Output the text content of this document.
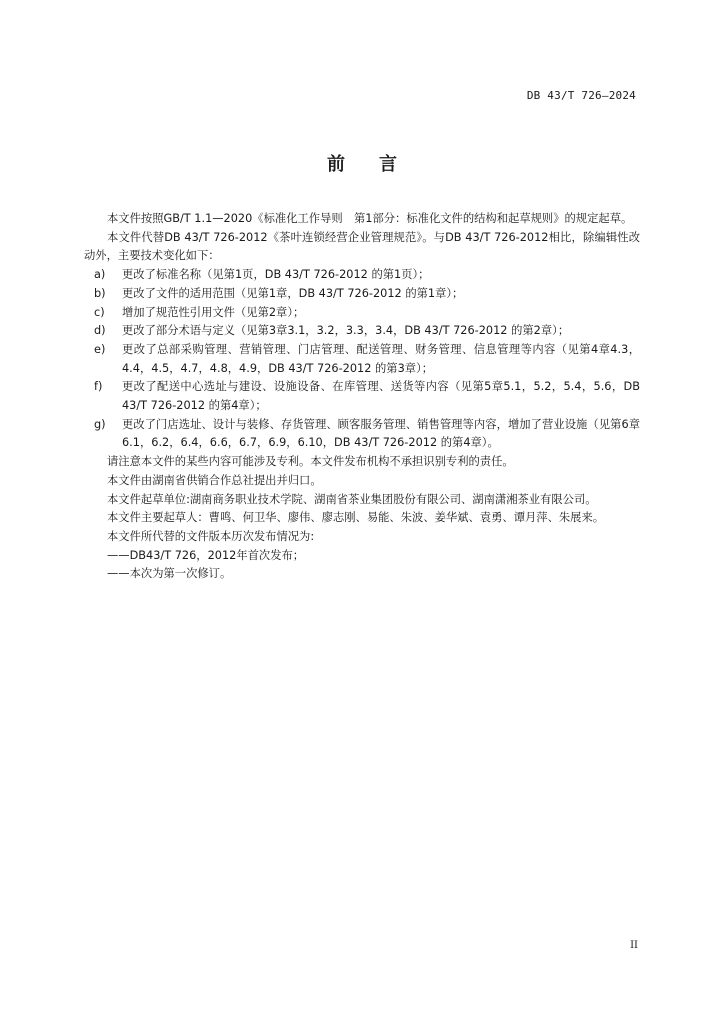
DB 43/T 726—2024
前言

本文件按照GB/T 1.1—2020《标准化工作导则　第1部分：标准化文件的结构和起草规则》的规定起草。

本文件代替DB 43/T 726-2012《茶叶连锁经营企业管理规范》。与DB 43/T 726-2012相比，除编辑性改动外，主要技术变化如下：

a) 更改了标准名称（见第1页，DB 43/T 726-2012 的第1页）；

b) 更改了文件的适用范围（见第1章，DB 43/T 726-2012 的第1章）；

c) 增加了规范性引用文件（见第2章）；

d) 更改了部分术语与定义（见第3章3.1，3.2，3.3，3.4，DB 43/T 726-2012 的第2章）；

e) 更改了总部采购管理、营销管理、门店管理、配送管理、财务管理、信息管理等内容（见第4章4.3，4.4，4.5，4.7，4.8，4.9，DB 43/T 726-2012 的第3章）；

f) 更改了配送中心选址与建设、设施设备、在库管理、送货等内容（见第5章5.1，5.2，5.4，5.6，DB 43/T 726-2012 的第4章）；

g) 更改了门店选址、设计与装修、存货管理、顾客服务管理、销售管理等内容，增加了营业设施（见第6章6.1，6.2，6.4，6.6，6.7，6.9，6.10，DB 43/T 726-2012 的第4章）。

请注意本文件的某些内容可能涉及专利。本文件发布机构不承担识别专利的责任。

本文件由湖南省供销合作总社提出并归口。

本文件起草单位:湖南商务职业技术学院、湖南省茶业集团股份有限公司、湖南潇湘茶业有限公司。

本文件主要起草人：曹鸣、何卫华、廖伟、廖志刚、易能、朱波、姜华斌、袁勇、谭月萍、朱展来。

本文件所代替的文件版本历次发布情况为:

——DB43/T 726，2012年首次发布；

——本次为第一次修订。

II
